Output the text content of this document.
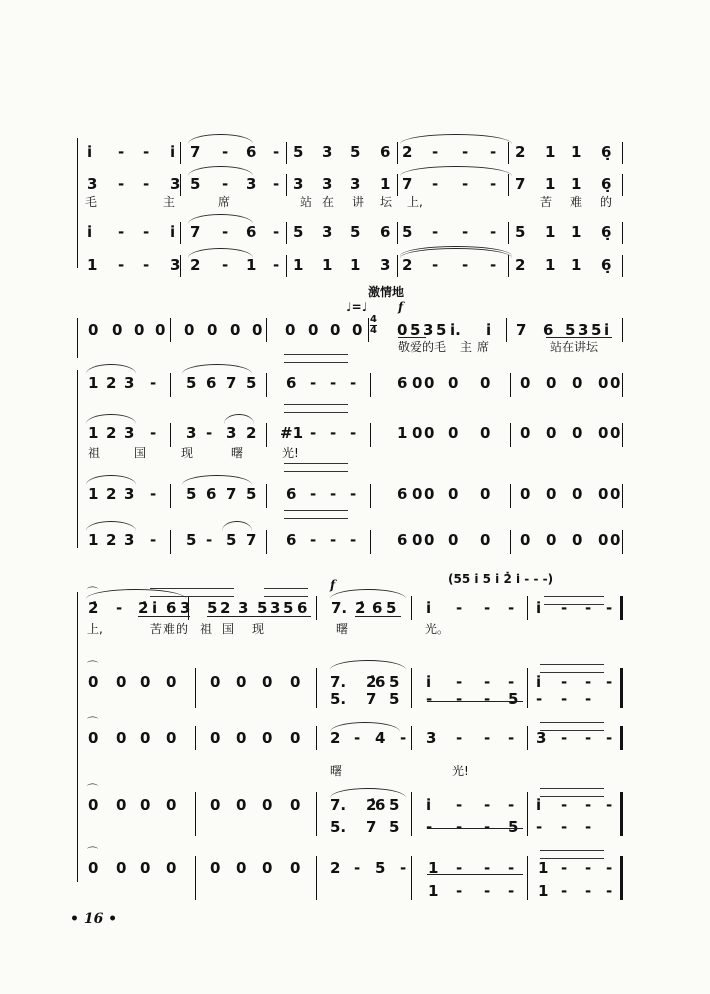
i̇ - - i̇ 7 - 6 - 5 3 5 6 2 - - - 2 1 1 6̣
3 - - 3 5 - 3 - 3 3 3 1 7 - - - 7 1 1 6̣
i̇ - - i̇ 7 - 6 - 5 3 5 6 5 - - - 5 1 1 6̣
1 - - 3 2 - 1 - 1 1 1 3 2 - - - 2 1 1 6̣
毛	主	席	站 在 讲 坛 上,	苦 难 的
激情地
♩=♩	f
0 0 0 0 0 0 0 0 0 0 0 0 0 5 3 5 i̇. i̇ 7 6 5 3 5 i̇
敬 爱 的 毛 主 席	站 在 讲 坛
4
4
1 2 3 - 5 6 7 5 6 - - -	6 0 0 0 0 0 0 0 0 0
1 2 3 - 3 - 3 2 #1 - - -	1 0 0 0 0 0 0 0 0 0
1 2 3 - 5 6 7 5 6 - - -	6 0 0 0 0 0 0 0 0 0
1 2 3 - 5 - 5 7 6 - - -	6 0 0 0 0 0 0 0 0 0
祖	国	现	曙	光!
(55 i 5 i 2̇ i̇ - - -)
f
2̇ - 2̇ i̇ 6 3 5 2 3 5 3 5 6 7. 2̇ 6 5 i̇ - - - i̇ - - -
上,	苦 难 的 祖 国 现	曙	光。
0 0 0 0 0 0 0 0 7. 2̇
6 5 i̇ - - - i̇ - - -
5. 7 5 - - - 5 - - -
0 0 0 0 0 0 0 0 2 - 4 - 3 - - - 3 - - -
0 0 0 0 0 0 0 0 7. 2̇
6 5 i̇ - - - i̇ - - -
5. 7 5 - - - 5 - - -
0 0 0 0 0 0 0 0 2 - 5 - 1 - - - 1 - - -
1 - - - 1 - - -
曙	光!
⌒
⌒
⌒
⌒
⌒
• 16 •
